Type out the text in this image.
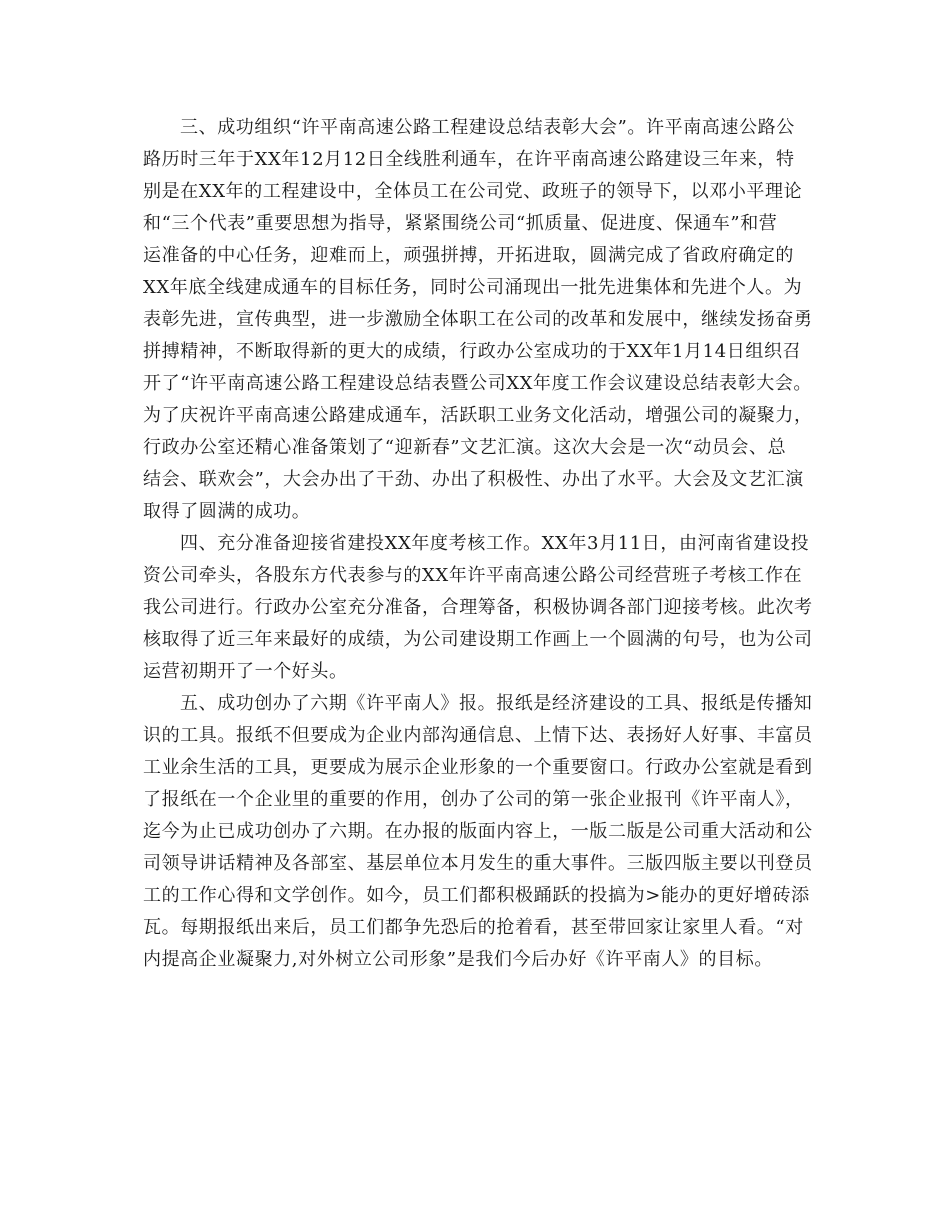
三、成功组织“许平南高速公路工程建设总结表彰大会”。许平南高速公路公
路历时三年于XX年12月12日全线胜利通车，在许平南高速公路建设三年来，特
别是在XX年的工程建设中，全体员工在公司党、政班子的领导下，以邓小平理论
和“三个代表”重要思想为指导，紧紧围绕公司“抓质量、促进度、保通车”和营
运准备的中心任务，迎难而上，顽强拼搏，开拓进取，圆满完成了省政府确定的
XX年底全线建成通车的目标任务，同时公司涌现出一批先进集体和先进个人。为
表彰先进，宣传典型，进一步激励全体职工在公司的改革和发展中，继续发扬奋勇
拼搏精神，不断取得新的更大的成绩，行政办公室成功的于XX年1月14日组织召
开了“许平南高速公路工程建设总结表暨公司XX年度工作会议建设总结表彰大会。
为了庆祝许平南高速公路建成通车，活跃职工业务文化活动，增强公司的凝聚力，
行政办公室还精心准备策划了“迎新春”文艺汇演。这次大会是一次“动员会、总
结会、联欢会”，大会办出了干劲、办出了积极性、办出了水平。大会及文艺汇演
取得了圆满的成功。
四、充分准备迎接省建投XX年度考核工作。XX年3月11日，由河南省建设投
资公司牵头，各股东方代表参与的XX年许平南高速公路公司经营班子考核工作在
我公司进行。行政办公室充分准备，合理筹备，积极协调各部门迎接考核。此次考
核取得了近三年来最好的成绩，为公司建设期工作画上一个圆满的句号，也为公司
运营初期开了一个好头。
五、成功创办了六期《许平南人》报。报纸是经济建设的工具、报纸是传播知
识的工具。报纸不但要成为企业内部沟通信息、上情下达、表扬好人好事、丰富员
工业余生活的工具，更要成为展示企业形象的一个重要窗口。行政办公室就是看到
了报纸在一个企业里的重要的作用，创办了公司的第一张企业报刊《许平南人》，
迄今为止已成功创办了六期。在办报的版面内容上，一版二版是公司重大活动和公
司领导讲话精神及各部室、基层单位本月发生的重大事件。三版四版主要以刊登员
工的工作心得和文学创作。如今，员工们都积极踊跃的投搞为>能办的更好增砖添
瓦。每期报纸出来后，员工们都争先恐后的抢着看，甚至带回家让家里人看。“对
内提高企业凝聚力,对外树立公司形象”是我们今后办好《许平南人》的目标。
